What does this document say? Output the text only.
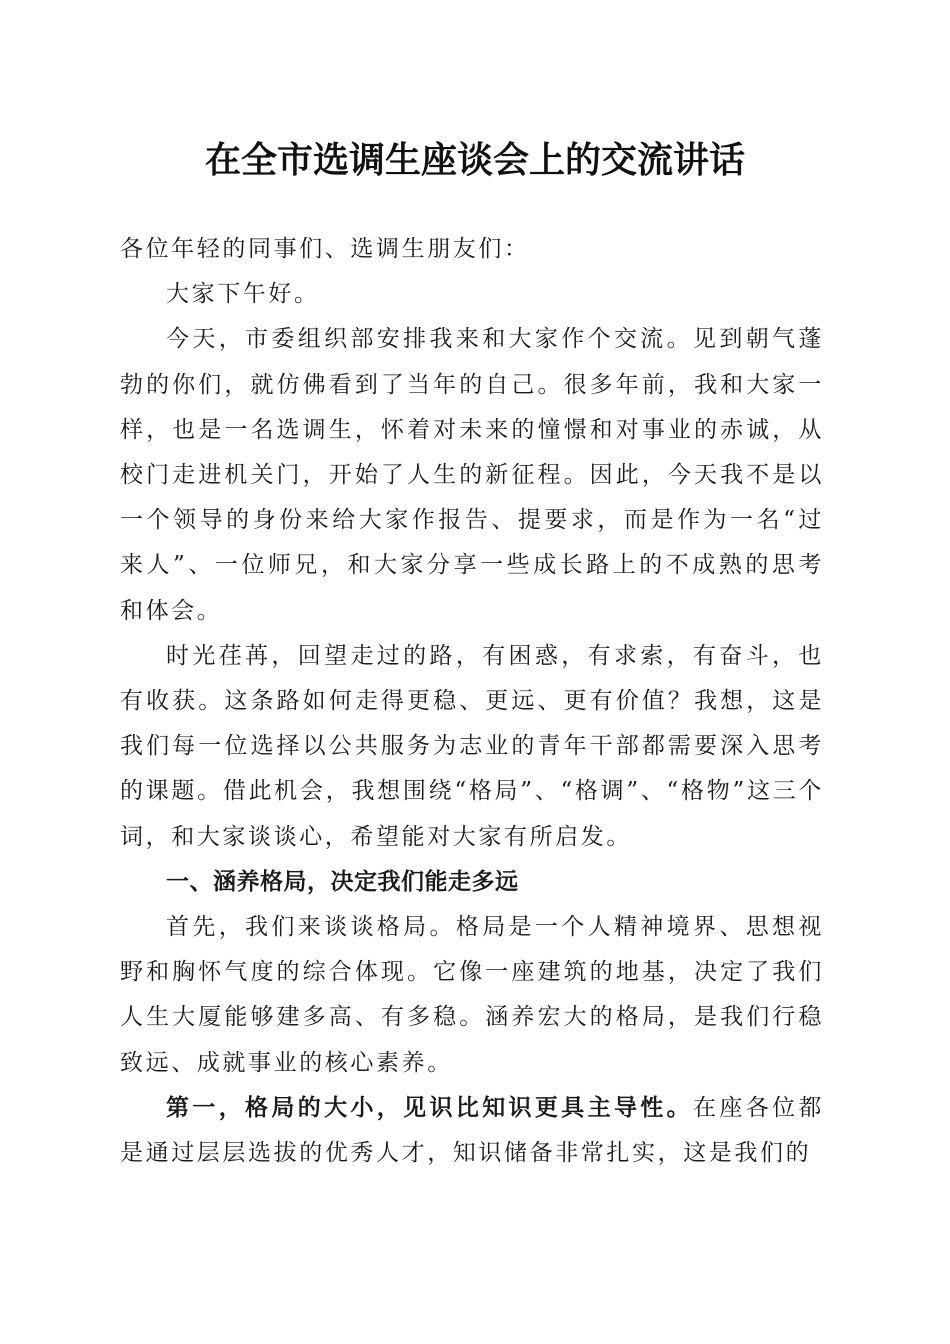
在全市选调生座谈会上的交流讲话

各位年轻的同事们、选调生朋友们：

大家下午好。

今天，市委组织部安排我来和大家作个交流。见到朝气蓬勃的你们，就仿佛看到了当年的自己。很多年前，我和大家一样，也是一名选调生，怀着对未来的憧憬和对事业的赤诚，从校门走进机关门，开始了人生的新征程。因此，今天我不是以一个领导的身份来给大家作报告、提要求，而是作为一名“过来人”、一位师兄，和大家分享一些成长路上的不成熟的思考和体会。

时光荏苒，回望走过的路，有困惑，有求索，有奋斗，也有收获。这条路如何走得更稳、更远、更有价值？我想，这是我们每一位选择以公共服务为志业的青年干部都需要深入思考的课题。借此机会，我想围绕“格局”、“格调”、“格物”这三个词，和大家谈谈心，希望能对大家有所启发。

一、涵养格局，决定我们能走多远

首先，我们来谈谈格局。格局是一个人精神境界、思想视野和胸怀气度的综合体现。它像一座建筑的地基，决定了我们人生大厦能够建多高、有多稳。涵养宏大的格局，是我们行稳致远、成就事业的核心素养。

第一，格局的大小，见识比知识更具主导性。在座各位都是通过层层选拔的优秀人才，知识储备非常扎实，这是我们的
